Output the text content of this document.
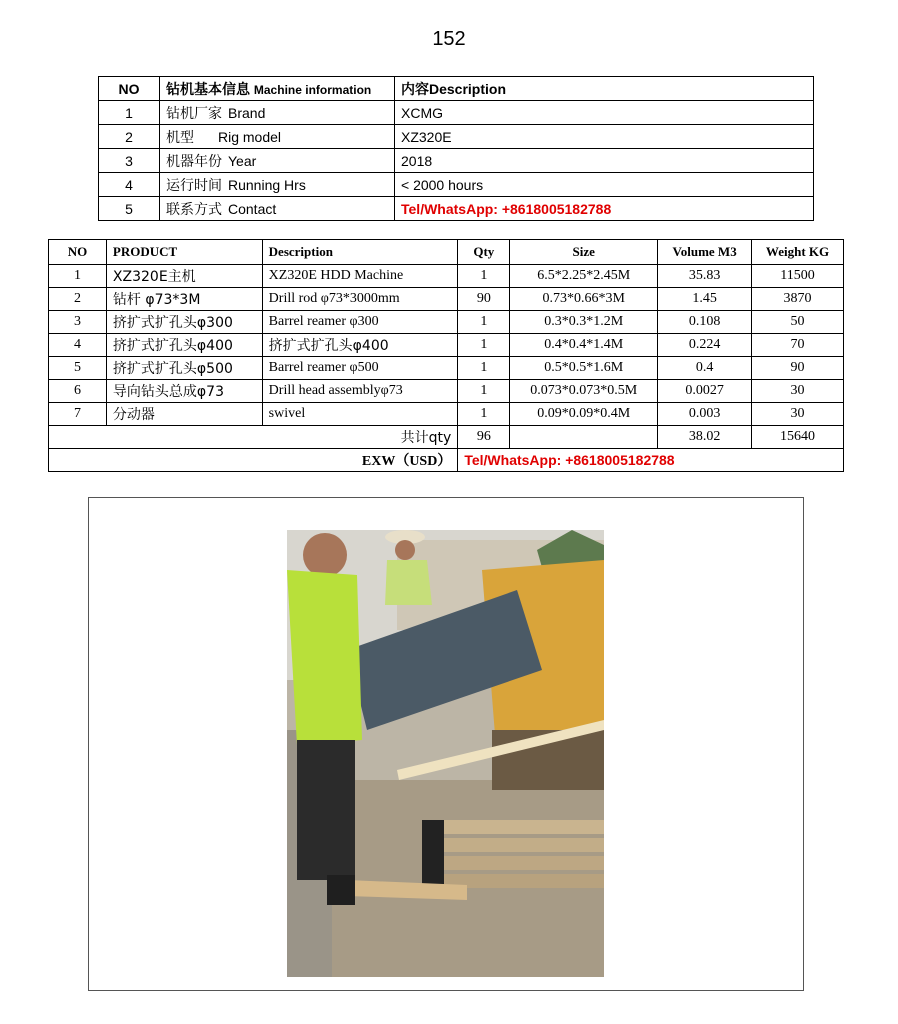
152
NO	钻机基本信息 Machine information	内容Description
1	钻机厂家 Brand	XCMG
2	机型 Rig model	XZ320E
3	机器年份 Year	2018
4	运行时间 Running Hrs	< 2000 hours
5	联系方式 Contact	Tel/WhatsApp: +8618005182788
NO	PRODUCT	Description	Qty	Size	Volume M3	Weight KG
1	XZ320E主机	XZ320E HDD Machine	1	6.5*2.25*2.45M	35.83	11500
2	钻杆 φ73*3M	Drill rod φ73*3000mm	90	0.73*0.66*3M	1.45	3870
3	挤扩式扩孔头φ300	Barrel reamer φ300	1	0.3*0.3*1.2M	0.108	50
4	挤扩式扩孔头φ400	挤扩式扩孔头φ400	1	0.4*0.4*1.4M	0.224	70
5	挤扩式扩孔头φ500	Barrel reamer φ500	1	0.5*0.5*1.6M	0.4	90
6	导向钻头总成φ73	Drill head assemblyφ73	1	0.073*0.073*0.5M	0.0027	30
7	分动器	swivel	1	0.09*0.09*0.4M	0.003	30
共计qty			96		38.02	15640
EXW（USD）			Tel/WhatsApp: +8618005182788			
